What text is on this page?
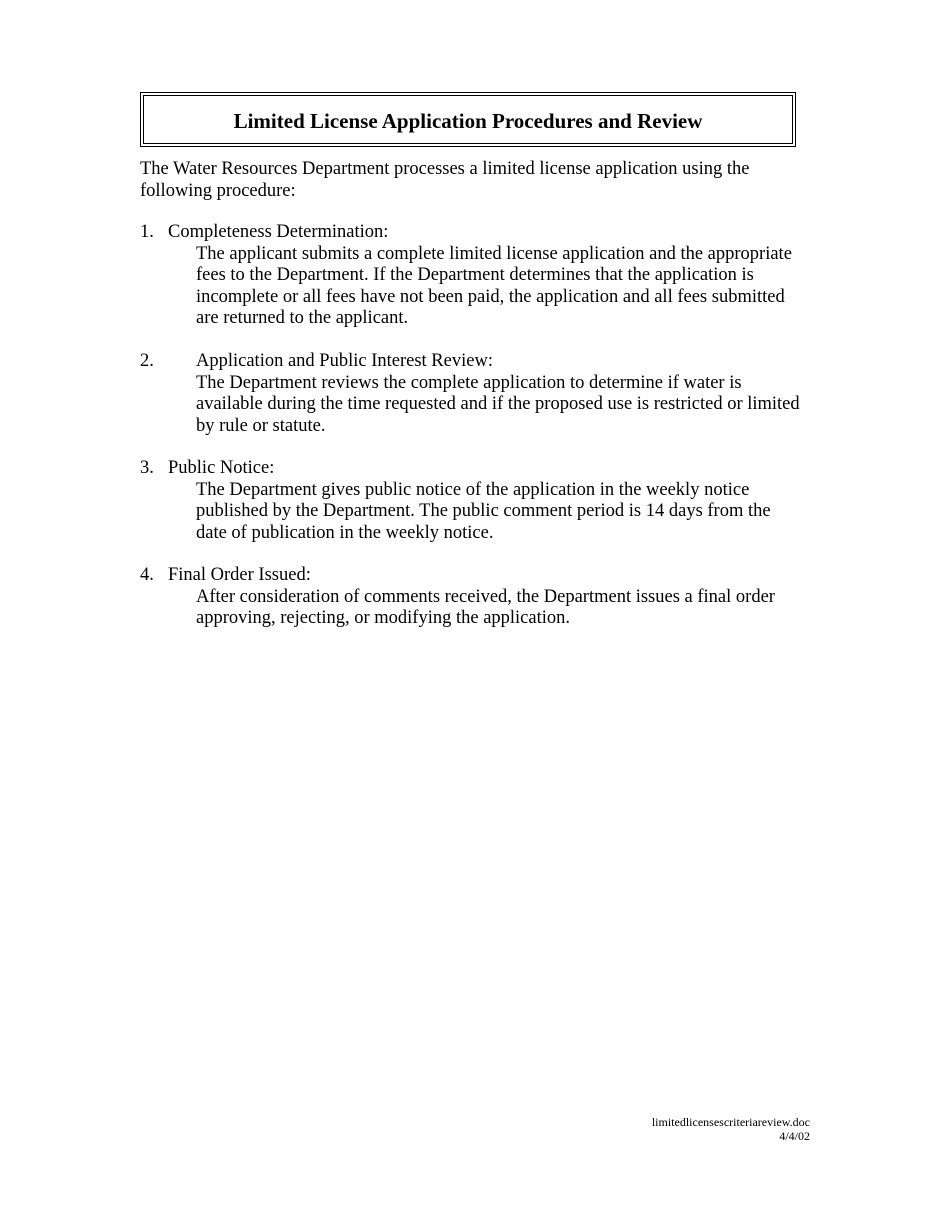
Limited License Application Procedures and Review
The Water Resources Department processes a limited license application using the
following procedure:
1. Completeness Determination:
The applicant submits a complete limited license application and the appropriate
fees to the Department. If the Department determines that the application is
incomplete or all fees have not been paid, the application and all fees submitted
are returned to the applicant.
2. Application and Public Interest Review:
The Department reviews the complete application to determine if water is
available during the time requested and if the proposed use is restricted or limited
by rule or statute.
3. Public Notice:
The Department gives public notice of the application in the weekly notice
published by the Department. The public comment period is 14 days from the
date of publication in the weekly notice.
4. Final Order Issued:
After consideration of comments received, the Department issues a final order
approving, rejecting, or modifying the application.
limitedlicensescriteriareview.doc
4/4/02
